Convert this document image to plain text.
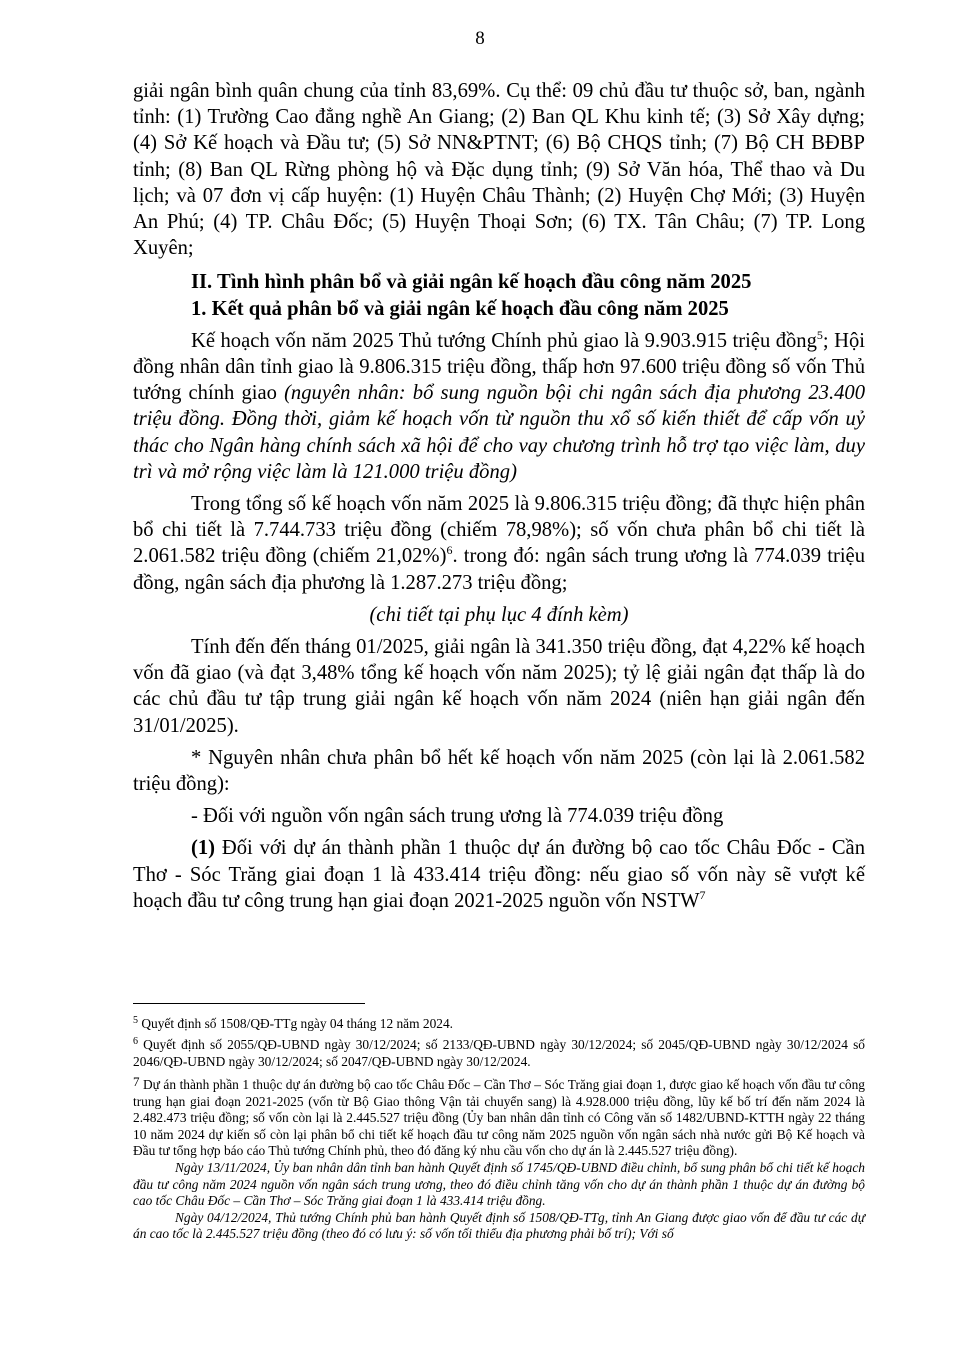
8

giải ngân bình quân chung của tỉnh 83,69%. Cụ thể: 09 chủ đầu tư thuộc sở, ban, ngành tỉnh: (1) Trường Cao đẳng nghề An Giang; (2) Ban QL Khu kinh tế; (3) Sở Xây dựng; (4) Sở Kế hoạch và Đầu tư; (5) Sở NN&PTNT; (6) Bộ CHQS tỉnh; (7) Bộ CH BĐBP tỉnh; (8) Ban QL Rừng phòng hộ và Đặc dụng tỉnh; (9) Sở Văn hóa, Thể thao và Du lịch; và 07 đơn vị cấp huyện: (1) Huyện Châu Thành; (2) Huyện Chợ Mới; (3) Huyện An Phú; (4) TP. Châu Đốc; (5) Huyện Thoại Sơn; (6) TX. Tân Châu; (7) TP. Long Xuyên;

II. Tình hình phân bổ và giải ngân kế hoạch đầu công năm 2025

1. Kết quả phân bổ và giải ngân kế hoạch đầu công năm 2025

Kế hoạch vốn năm 2025 Thủ tướng Chính phủ giao là 9.903.915 triệu đồng$^5$; Hội đồng nhân dân tỉnh giao là 9.806.315 triệu đồng, thấp hơn 97.600 triệu đồng số vốn Thủ tướng chính giao (nguyên nhân: bổ sung nguồn bội chi ngân sách địa phương 23.400 triệu đồng. Đồng thời, giảm kế hoạch vốn từ nguồn thu xổ số kiến thiết để cấp vốn uỷ thác cho Ngân hàng chính sách xã hội để cho vay chương trình hỗ trợ tạo việc làm, duy trì và mở rộng việc làm là 121.000 triệu đồng)

Trong tổng số kế hoạch vốn năm 2025 là 9.806.315 triệu đồng; đã thực hiện phân bổ chi tiết là 7.744.733 triệu đồng (chiếm 78,98%); số vốn chưa phân bổ chi tiết là 2.061.582 triệu đồng (chiếm 21,02%)$^6$. trong đó: ngân sách trung ương là 774.039 triệu đồng, ngân sách địa phương là 1.287.273 triệu đồng;

(chi tiết tại phụ lục 4 đính kèm)

Tính đến đến tháng 01/2025, giải ngân là 341.350 triệu đồng, đạt 4,22% kế hoạch vốn đã giao (và đạt 3,48% tổng kế hoạch vốn năm 2025); tỷ lệ giải ngân đạt thấp là do các chủ đầu tư tập trung giải ngân kế hoạch vốn năm 2024 (niên hạn giải ngân đến 31/01/2025).

* Nguyên nhân chưa phân bổ hết kế hoạch vốn năm 2025 (còn lại là 2.061.582 triệu đồng):

- Đối với nguồn vốn ngân sách trung ương là 774.039 triệu đồng

(1) Đối với dự án thành phần 1 thuộc dự án đường bộ cao tốc Châu Đốc - Cần Thơ - Sóc Trăng giai đoạn 1 là 433.414 triệu đồng: nếu giao số vốn này sẽ vượt kế hoạch đầu tư công trung hạn giai đoạn 2021-2025 nguồn vốn NSTW$^7$

$^5$ Quyết định số 1508/QĐ-TTg ngày 04 tháng 12 năm 2024.
$^6$ Quyết định số 2055/QĐ-UBND ngày 30/12/2024; số 2133/QĐ-UBND ngày 30/12/2024; số 2045/QĐ-UBND ngày 30/12/2024 số 2046/QĐ-UBND ngày 30/12/2024; số 2047/QĐ-UBND ngày 30/12/2024.
$^7$ Dự án thành phần 1 thuộc dự án đường bộ cao tốc Châu Đốc – Cần Thơ – Sóc Trăng giai đoạn 1, được giao kế hoạch vốn đầu tư công trung hạn giai đoạn 2021-2025 (vốn từ Bộ Giao thông Vận tải chuyển sang) là 4.928.000 triệu đồng, lũy kế bố trí đến năm 2024 là 2.482.473 triệu đồng; số vốn còn lại là 2.445.527 triệu đồng (Ủy ban nhân dân tỉnh có Công văn số 1482/UBND-KTTH ngày 22 tháng 10 năm 2024 dự kiến số còn lại phân bổ chi tiết kế hoạch đầu tư công năm 2025 nguồn vốn ngân sách nhà nước gửi Bộ Kế hoạch và Đầu tư tổng hợp báo cáo Thủ tướng Chính phủ, theo đó đăng ký nhu cầu vốn cho dự án là 2.445.527 triệu đồng).
Ngày 13/11/2024, Ủy ban nhân dân tỉnh ban hành Quyết định số 1745/QĐ-UBND điều chỉnh, bổ sung phân bổ chi tiết kế hoạch đầu tư công năm 2024 nguồn vốn ngân sách trung ương, theo đó điều chỉnh tăng vốn cho dự án thành phần 1 thuộc dự án đường bộ cao tốc Châu Đốc – Cần Thơ – Sóc Trăng giai đoạn 1 là 433.414 triệu đồng.
Ngày 04/12/2024, Thủ tướng Chính phủ ban hành Quyết định số 1508/QĐ-TTg, tỉnh An Giang được giao vốn để đầu tư các dự án cao tốc là 2.445.527 triệu đồng (theo đó có lưu ý: số vốn tối thiểu địa phương phải bố trí); Với số
